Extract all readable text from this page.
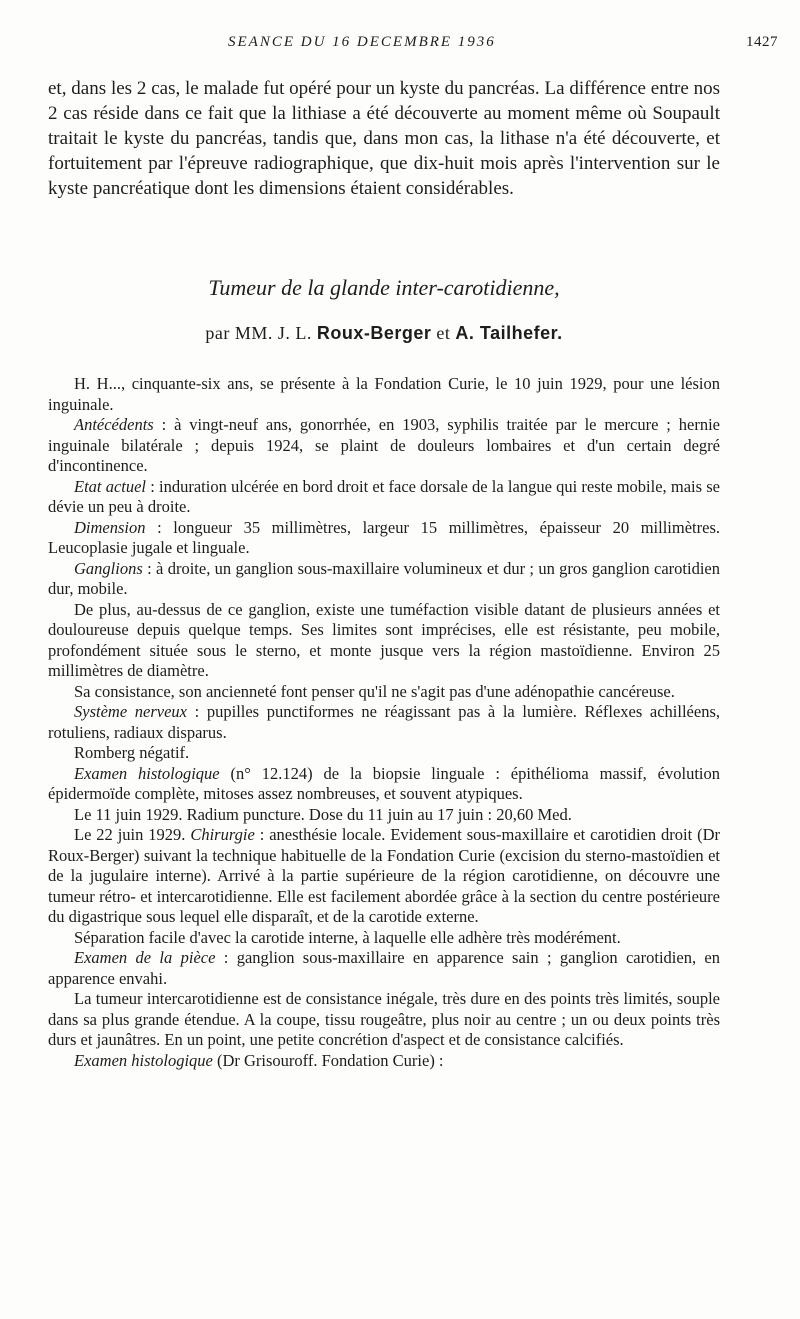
SEANCE DU 16 DECEMBRE 1936	1427
et, dans les 2 cas, le malade fut opéré pour un kyste du pancréas. La différence entre nos 2 cas réside dans ce fait que la lithiase a été découverte au moment même où Soupault traitait le kyste du pancréas, tandis que, dans mon cas, la lithase n'a été découverte, et fortuitement par l'épreuve radiographique, que dix-huit mois après l'intervention sur le kyste pancréatique dont les dimensions étaient considérables.
Tumeur de la glande inter-carotidienne,
par MM. J. L. Roux-Berger et A. Tailhefer.

H. H..., cinquante-six ans, se présente à la Fondation Curie, le 10 juin 1929, pour une lésion inguinale.

Antécédents : à vingt-neuf ans, gonorrhée, en 1903, syphilis traitée par le mercure ; hernie inguinale bilatérale ; depuis 1924, se plaint de douleurs lombaires et d'un certain degré d'incontinence.

Etat actuel : induration ulcérée en bord droit et face dorsale de la langue qui reste mobile, mais se dévie un peu à droite.

Dimension : longueur 35 millimètres, largeur 15 millimètres, épaisseur 20 millimètres. Leucoplasie jugale et linguale.

Ganglions : à droite, un ganglion sous-maxillaire volumineux et dur ; un gros ganglion carotidien dur, mobile.

De plus, au-dessus de ce ganglion, existe une tuméfaction visible datant de plusieurs années et douloureuse depuis quelque temps. Ses limites sont imprécises, elle est résistante, peu mobile, profondément située sous le sterno, et monte jusque vers la région mastoïdienne. Environ 25 millimètres de diamètre.

Sa consistance, son ancienneté font penser qu'il ne s'agit pas d'une adénopathie cancéreuse.

Système nerveux : pupilles punctiformes ne réagissant pas à la lumière. Réflexes achilléens, rotuliens, radiaux disparus.

Romberg négatif.

Examen histologique (n° 12.124) de la biopsie linguale : épithélioma massif, évolution épidermoïde complète, mitoses assez nombreuses, et souvent atypiques.

Le 11 juin 1929. Radium puncture. Dose du 11 juin au 17 juin : 20,60 Med.

Le 22 juin 1929. Chirurgie : anesthésie locale. Evidement sous-maxillaire et carotidien droit (Dr Roux-Berger) suivant la technique habituelle de la Fondation Curie (excision du sterno-mastoïdien et de la jugulaire interne). Arrivé à la partie supérieure de la région carotidienne, on découvre une tumeur rétro- et intercarotidienne. Elle est facilement abordée grâce à la section du centre postérieure du digastrique sous lequel elle disparaît, et de la carotide externe.

Séparation facile d'avec la carotide interne, à laquelle elle adhère très modérément.

Examen de la pièce : ganglion sous-maxillaire en apparence sain ; ganglion carotidien, en apparence envahi.

La tumeur intercarotidienne est de consistance inégale, très dure en des points très limités, souple dans sa plus grande étendue. A la coupe, tissu rougeâtre, plus noir au centre ; un ou deux points très durs et jaunâtres. En un point, une petite concrétion d'aspect et de consistance calcifiés.

Examen histologique (Dr Grisouroff. Fondation Curie) :
